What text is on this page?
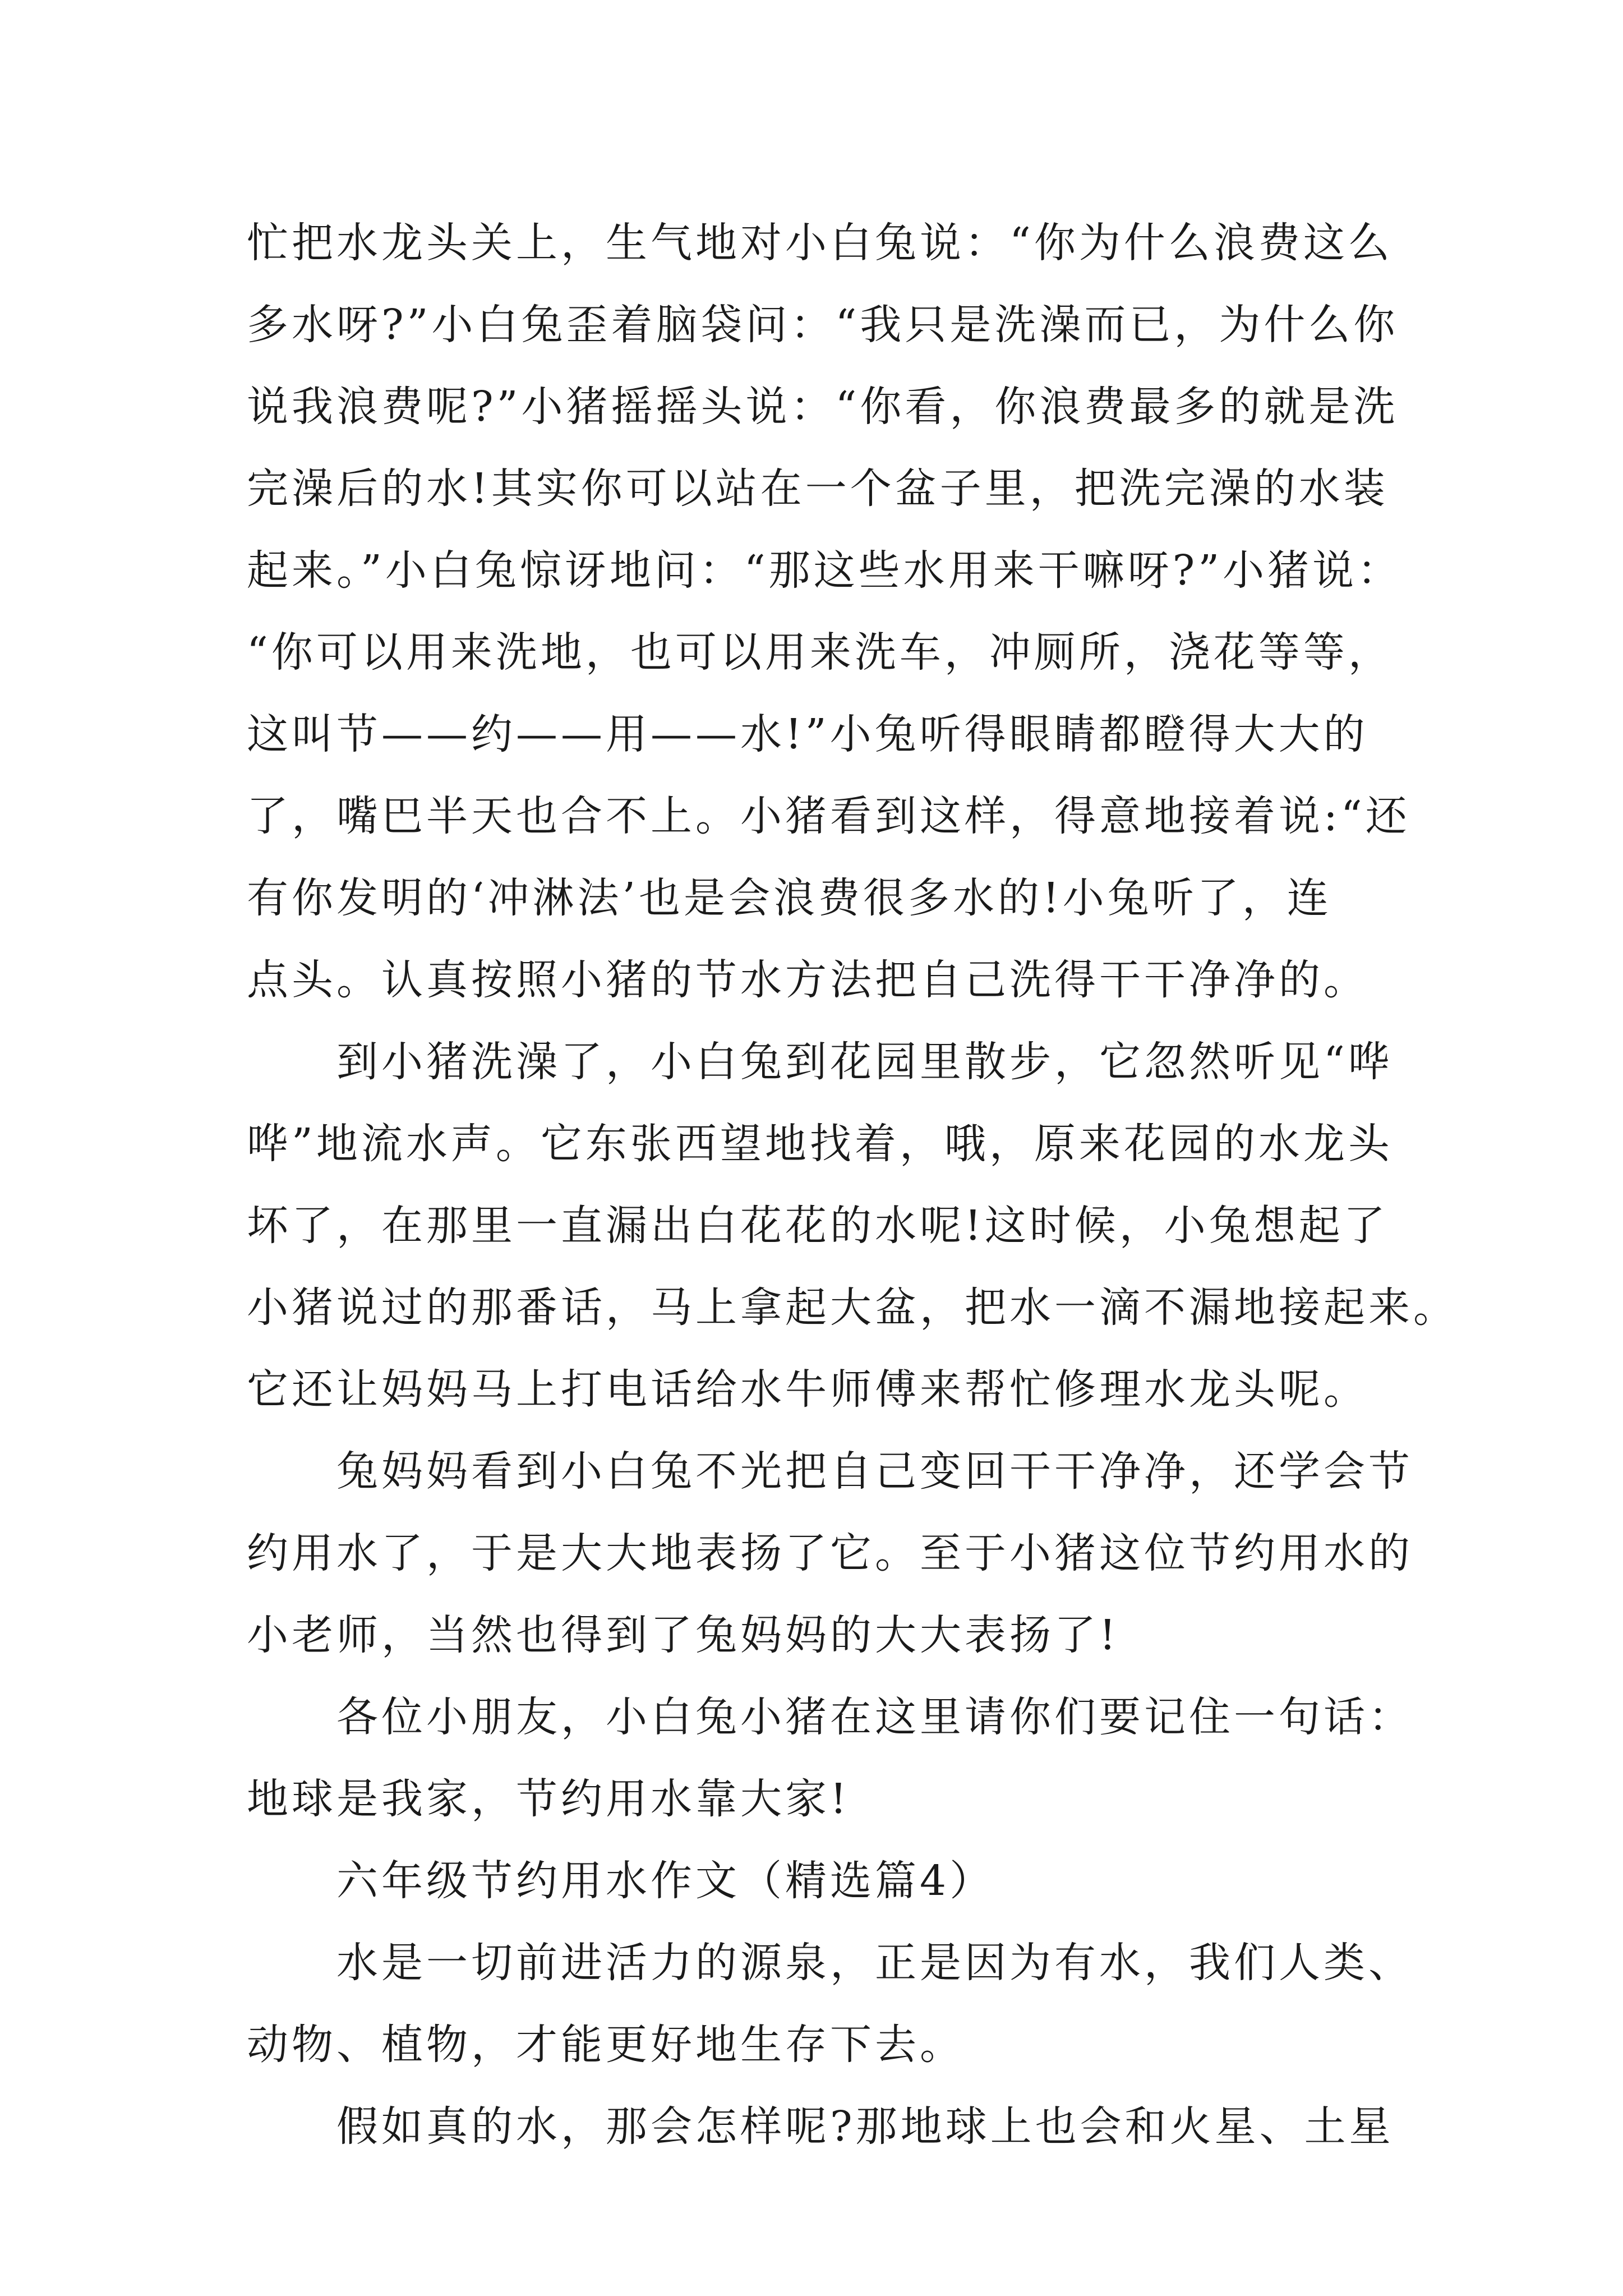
忙把水龙头关上，生气地对小白兔说：“你为什么浪费这么
多水呀?”小白兔歪着脑袋问：“我只是洗澡而已，为什么你
说我浪费呢?”小猪摇摇头说：“你看，你浪费最多的就是洗
完澡后的水!其实你可以站在一个盆子里，把洗完澡的水装
起来。”小白兔惊讶地问：“那这些水用来干嘛呀?”小猪说：
“你可以用来洗地，也可以用来洗车，冲厕所，浇花等等，
这叫节——约——用——水!”小兔听得眼睛都瞪得大大的
了，嘴巴半天也合不上。小猪看到这样，得意地接着说:“还
有你发明的‘冲淋法’也是会浪费很多水的!小兔听了，连
点头。认真按照小猪的节水方法把自己洗得干干净净的。

到小猪洗澡了，小白兔到花园里散步，它忽然听见“哗
哗”地流水声。它东张西望地找着，哦，原来花园的水龙头
坏了，在那里一直漏出白花花的水呢!这时候，小兔想起了
小猪说过的那番话，马上拿起大盆，把水一滴不漏地接起来。
它还让妈妈马上打电话给水牛师傅来帮忙修理水龙头呢。

兔妈妈看到小白兔不光把自己变回干干净净，还学会节
约用水了，于是大大地表扬了它。至于小猪这位节约用水的
小老师，当然也得到了兔妈妈的大大表扬了!

各位小朋友，小白兔小猪在这里请你们要记住一句话：
地球是我家，节约用水靠大家!

六年级节约用水作文（精选篇4）

水是一切前进活力的源泉，正是因为有水，我们人类、
动物、植物，才能更好地生存下去。

假如真的水，那会怎样呢?那地球上也会和火星、土星
